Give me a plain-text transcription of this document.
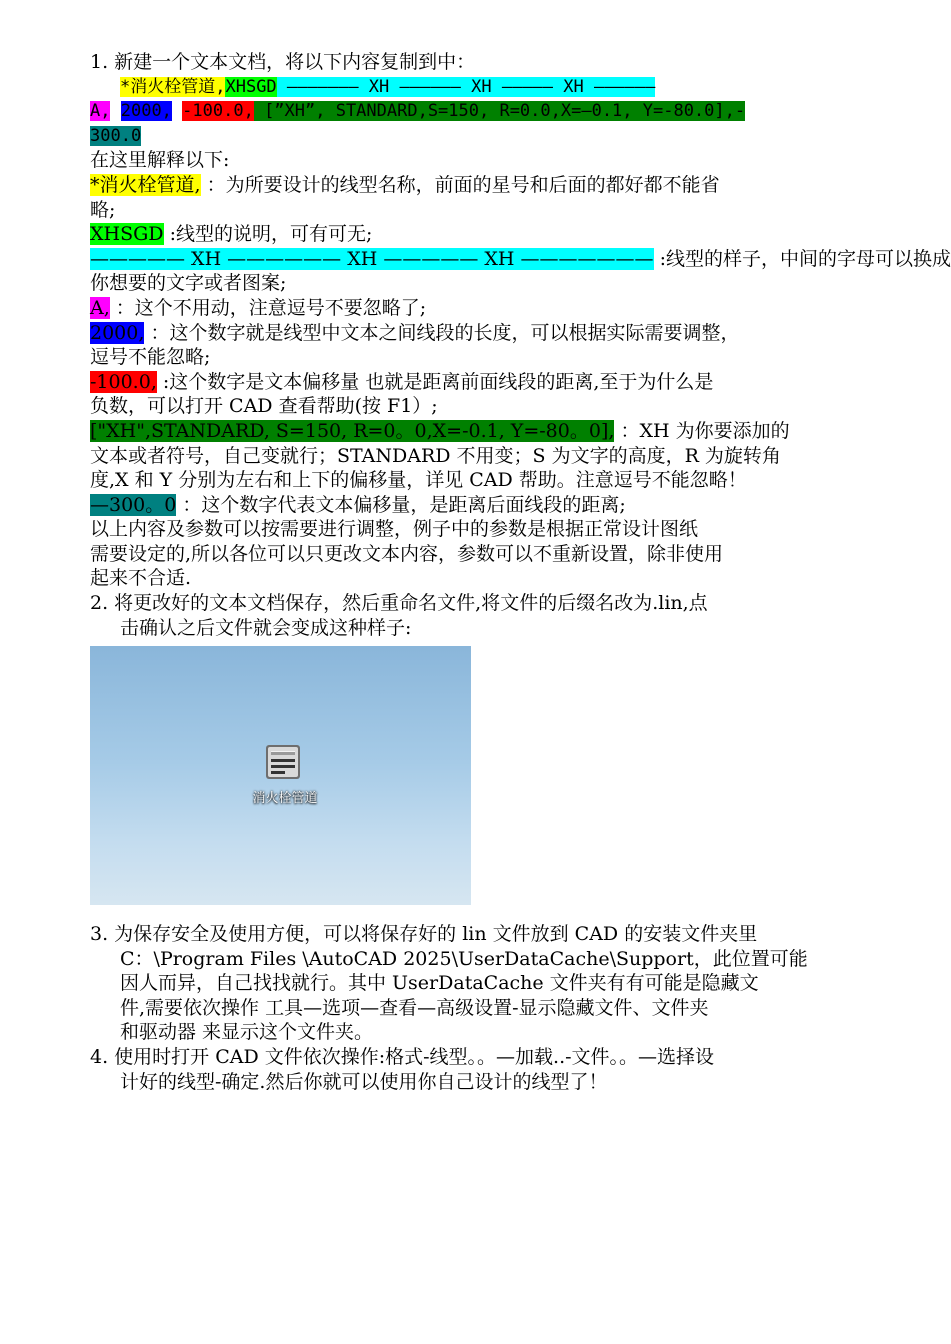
1. 新建一个文本文档，将以下内容复制到中：
*消火栓管道,XHSGD ——————— XH —————— XH ————— XH ——————
A, 2000, -100.0, [”XH”, STANDARD,S=150, R=0.0,X=—0.1, Y=-80.0],-
300.0
在这里解释以下:
*消火栓管道, ：为所要设计的线型名称，前面的星号和后面的都好都不能省
略;
XHSGD :线型的说明，可有可无;
————— XH —————— XH ————— XH ——————— :线型的样子，中间的字母可以换成
你想要的文字或者图案;
A, ：这个不用动，注意逗号不要忽略了;
2000, ：这个数字就是线型中文本之间线段的长度，可以根据实际需要调整，
逗号不能忽略;
-100.0, :这个数字是文本偏移量 也就是距离前面线段的距离,至于为什么是
负数，可以打开 CAD 查看帮助(按 F1）;
["XH",STANDARD, S=150, R=0。0,X=-0.1, Y=-80。0], ：XH 为你要添加的
文本或者符号，自己变就行；STANDARD 不用变；S 为文字的高度，R 为旋转角
度,X 和 Y 分别为左右和上下的偏移量，详见 CAD 帮助。注意逗号不能忽略！
—300。0 ：这个数字代表文本偏移量，是距离后面线段的距离;
以上内容及参数可以按需要进行调整，例子中的参数是根据正常设计图纸
需要设定的,所以各位可以只更改文本内容，参数可以不重新设置，除非使用
起来不合适.
2. 将更改好的文本文档保存，然后重命名文件,将文件的后缀名改为.lin,点
击确认之后文件就会变成这种样子:
消火栓管道
3. 为保存安全及使用方便，可以将保存好的 lin 文件放到 CAD 的安装文件夹里
C：\Program Files \AutoCAD 2025\UserDataCache\Support，此位置可能
因人而异，自己找找就行。其中 UserDataCache 文件夹有有可能是隐藏文
件,需要依次操作 工具—选项—查看—高级设置-显示隐藏文件、文件夹
和驱动器 来显示这个文件夹。
4. 使用时打开 CAD 文件依次操作:格式-线型。。—加载..-文件。。—选择设
计好的线型-确定.然后你就可以使用你自己设计的线型了！
